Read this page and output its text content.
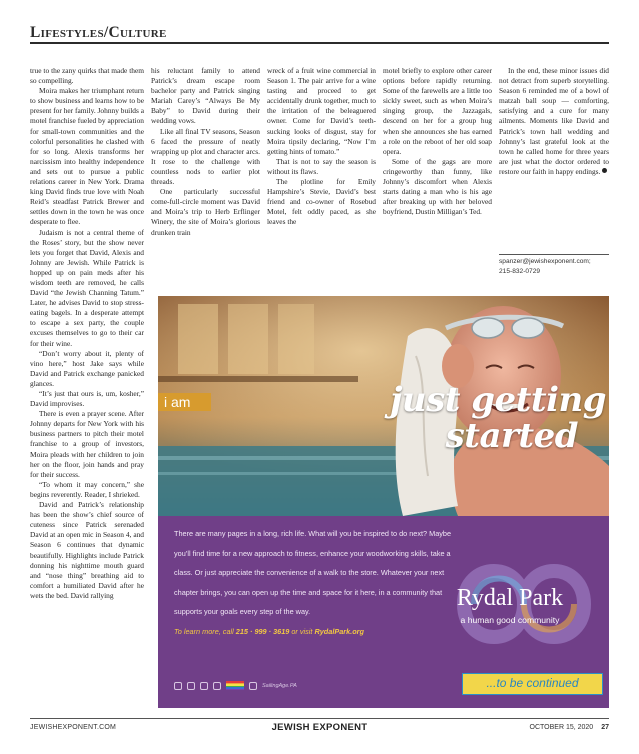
Lifestyles/Culture

true to the zany quirks that made them so compelling.

Moira makes her triumphant return to show business and learns how to be present for her family. Johnny builds a motel franchise fueled by appreciation for small-town communities and the colorful personalities he clashed with for so long. Alexis transforms her narcissism into healthy independence and sets out to pursue a public relations career in New York. Drama king David finds true love with Noah Reid’s steadfast Patrick Brewer and settles down in the town he was once desperate to flee.

Judaism is not a central theme of the Roses’ story, but the show never lets you forget that David, Alexis and Johnny are Jewish. While Patrick is hopped up on pain meds after his wisdom teeth are removed, he calls David “the Jewish Channing Tatum.” Later, he advises David to stop stress-eating bagels. In a desperate attempt to escape a sex party, the couple excuses themselves to go to their car for their wine.

“Don’t worry about it, plenty of vino here,” host Jake says while David and Patrick exchange panicked glances.

“It’s just that ours is, um, kosher,” David improvises.

There is even a prayer scene. After Johnny departs for New York with his business partners to pitch their motel franchise to a group of investors, Moira pleads with her children to join her on the floor, join hands and pray for their success.

“To whom it may concern,” she begins reverently. Reader, I shrieked.

David and Patrick’s relationship has been the show’s chief source of cuteness since Patrick serenaded David at an open mic in Season 4, and Season 6 continues that dynamic beautifully. Highlights include Patrick donning his nighttime mouth guard and “nose thing” breathing aid to comfort a humiliated David after he wets the bed. David rallying

his reluctant family to attend Patrick’s dream escape room bachelor party and Patrick singing Mariah Carey’s “Always Be My Baby” to David during their wedding vows.

Like all final TV seasons, Season 6 faced the pressure of neatly wrapping up plot and character arcs. It rose to the challenge with countless nods to earlier plot threads.

One particularly successful come-full-circle moment was David and Moira’s trip to Herb Erflinger Winery, the site of Moira’s glorious drunken train

wreck of a fruit wine commercial in Season 1. The pair arrive for a wine tasting and proceed to get accidentally drunk together, much to the irritation of the beleaguered owner. Come for David’s teeth-sucking looks of disgust, stay for Moira tipsily declaring, “Now I’m getting hints of tomato.”

That is not to say the season is without its flaws.

The plotline for Emily Hampshire’s Stevie, David’s best friend and co-owner of Rosebud Motel, felt oddly paced, as she leaves the

motel briefly to explore other career options before rapidly returning. Some of the farewells are a little too sickly sweet, such as when Moira’s singing group, the Jazzagals, descend on her for a group hug when she announces she has earned a role on the reboot of her old soap opera.

Some of the gags are more cringeworthy than funny, like Johnny’s discomfort when Alexis starts dating a man who is his age after breaking up with her beloved boyfriend, Dustin Milligan’s Ted.

In the end, these minor issues did not detract from superb storytelling. Season 6 reminded me of a bowl of matzah ball soup — comforting, satisfying and a cure for many ailments. Moments like David and Patrick’s town hall wedding and Johnny’s last grateful look at the town he called home for three years are just what the doctor ordered to restore our faith in happy endings.

spanzer@jewishexponent.com;
215-832-0729
i am	just getting
started
There are many pages in a long, rich life. What will you be inspired to do next? Maybe you’ll find time for a new approach to fitness, enhance your woodworking skills, take a class. Or just appreciate the convenience of a walk to the store. Whatever your next chapter brings, you can open up the time and space for it here, in a community that supports your goals every step of the way.
To learn more, call 215 · 999 · 3619 or visit RydalPark.org
Rydal Park
a human good community
SailingAge.PA	...to be continued
JEWISHEXPONENT.COM	JEWISH EXPONENT	OCTOBER 15, 2020 27
